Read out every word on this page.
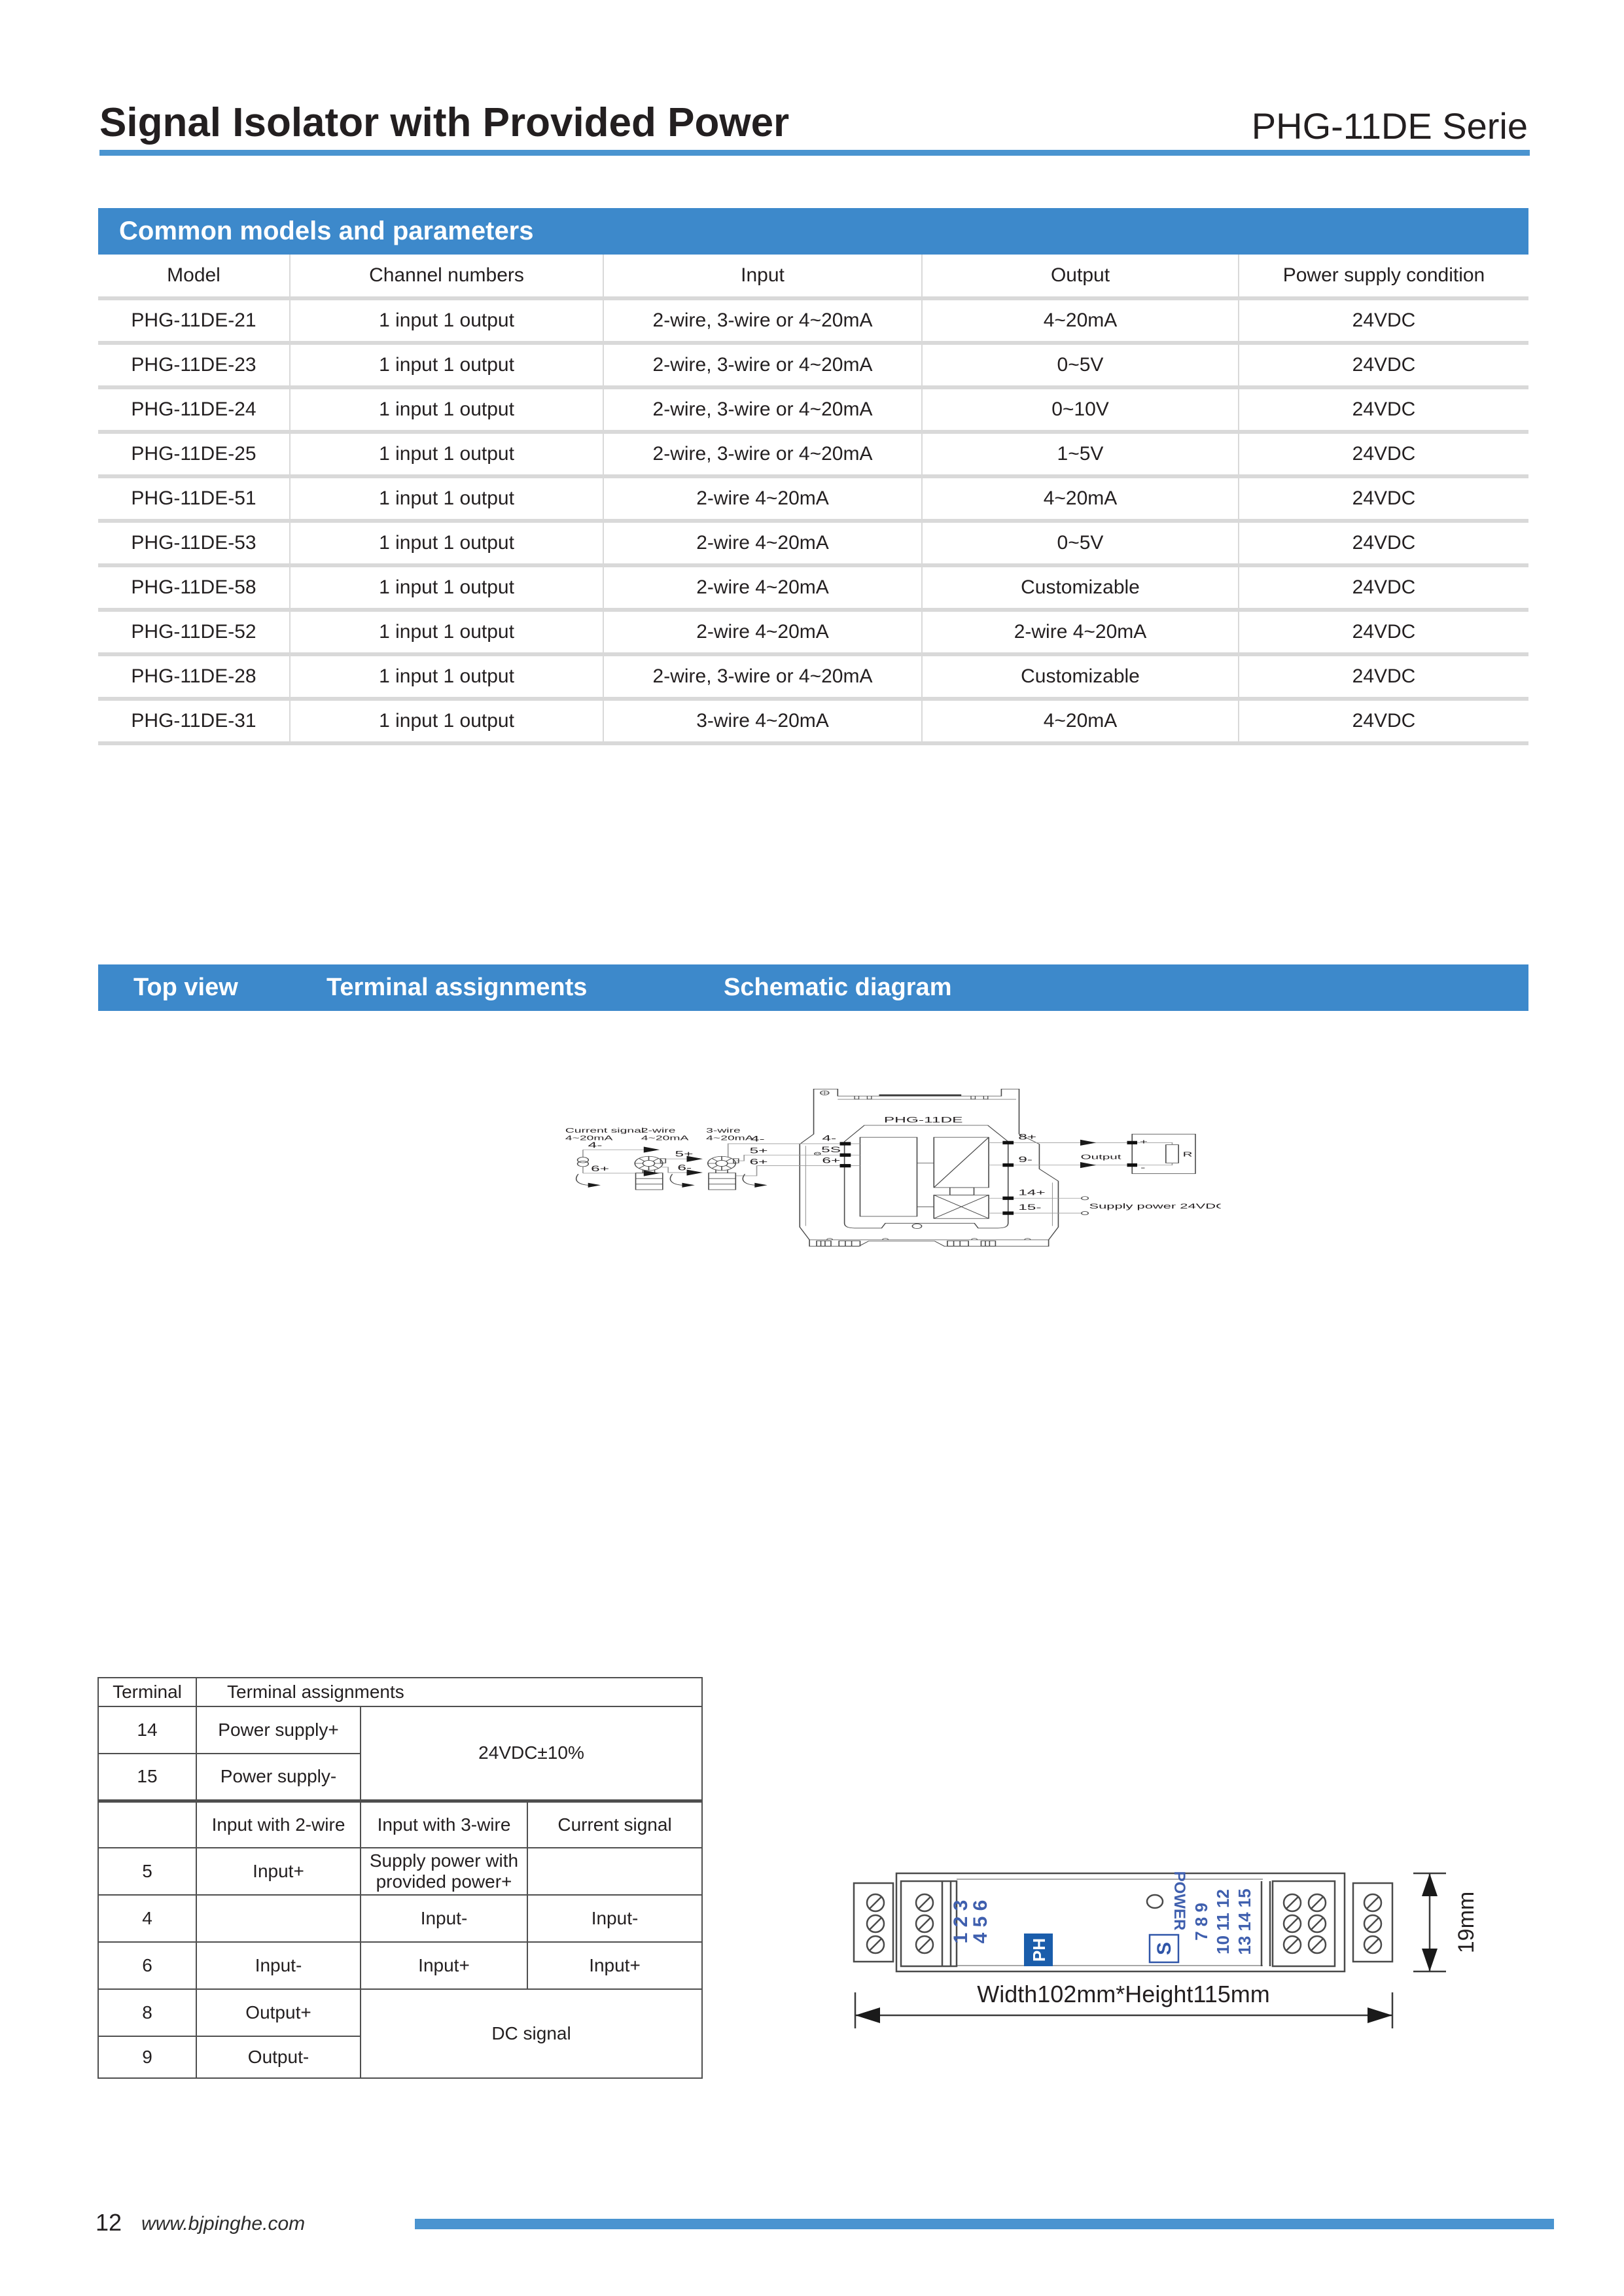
Signal Isolator with Provided Power	PHG-11DE Serie
Common models and parameters
Model	Channel numbers	Input	Output	Power supply condition
PHG-11DE-21	1 input 1 output	2-wire, 3-wire or 4~20mA	4~20mA	24VDC
PHG-11DE-23	1 input 1 output	2-wire, 3-wire or 4~20mA	0~5V	24VDC
PHG-11DE-24	1 input 1 output	2-wire, 3-wire or 4~20mA	0~10V	24VDC
PHG-11DE-25	1 input 1 output	2-wire, 3-wire or 4~20mA	1~5V	24VDC
PHG-11DE-51	1 input 1 output	2-wire 4~20mA	4~20mA	24VDC
PHG-11DE-53	1 input 1 output	2-wire 4~20mA	0~5V	24VDC
PHG-11DE-58	1 input 1 output	2-wire 4~20mA	Customizable	24VDC
PHG-11DE-52	1 input 1 output	2-wire 4~20mA	2-wire 4~20mA	24VDC
PHG-11DE-28	1 input 1 output	2-wire, 3-wire or 4~20mA	Customizable	24VDC
PHG-11DE-31	1 input 1 output	3-wire 4~20mA	4~20mA	24VDC
Top view	Terminal assignments	Schematic diagram
Current signal
4~20mA
2-wire
4~20mA
3-wire
4~20mA
4-
6+
5+
6-
4-
5+
6+
4-
5S
6+
8+
9-
14+
15-
PHG-11DE
Output
+
-
R
Supply power 24VDC
Terminal	Terminal assignments		
14	Power supply+	24VDC±10%	
15	Power supply-		
	Input with 2-wire	Input with 3-wire	Current signal
5	Input+	Supply power with provided power+	
4		Input-	Input-
6	Input-	Input+	Input+
8	Output+	DC signal	
9	Output-		
1 2 3
4 5 6	7 8 9 10 11 12 13 14 15
POWER
S
PH
Width102mm*Height115mm
19mm
12 www.bjpinghe.com
